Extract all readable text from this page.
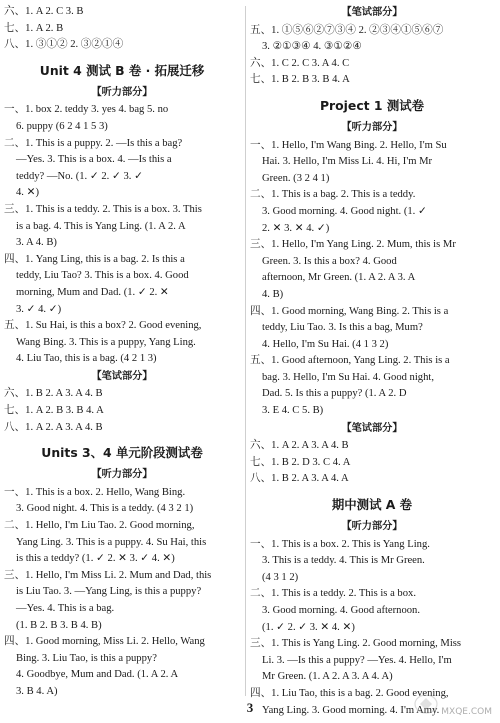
六、1. A 2. C 3. B
七、1. A 2. B
八、1. ③①② 2. ③②①④
Unit 4 测试 B 卷 · 拓展迁移
【听力部分】
一、1. box 2. teddy 3. yes 4. bag 5. no
6. puppy (6 2 4 1 5 3)
二、1. This is a puppy. 2. —Is this a bag?
—Yes. 3. This is a box. 4. —Is this a
teddy? —No. (1. ✓ 2. ✓ 3. ✓
4. ✕)
三、1. This is a teddy. 2. This is a box. 3. This
is a bag. 4. This is Yang Ling. (1. A 2. A
3. A 4. B)
四、1. Yang Ling, this is a bag. 2. Is this a
teddy, Liu Tao? 3. This is a box. 4. Good
morning, Mum and Dad. (1. ✓ 2. ✕
3. ✓ 4. ✓)
五、1. Su Hai, is this a box? 2. Good evening,
Wang Bing. 3. This is a puppy, Yang Ling.
4. Liu Tao, this is a bag. (4 2 1 3)
【笔试部分】
六、1. B 2. A 3. A 4. B
七、1. A 2. B 3. B 4. A
八、1. A 2. A 3. A 4. B
Units 3、4 单元阶段测试卷
【听力部分】
一、1. This is a box. 2. Hello, Wang Bing.
3. Good night. 4. This is a teddy. (4 3 2 1)
二、1. Hello, I'm Liu Tao. 2. Good morning,
Yang Ling. 3. This is a puppy. 4. Su Hai, this
is this a teddy? (1. ✓ 2. ✕ 3. ✓ 4. ✕)
三、1. Hello, I'm Miss Li. 2. Mum and Dad, this
is Liu Tao. 3. —Yang Ling, is this a puppy?
—Yes. 4. This is a bag.
(1. B 2. B 3. B 4. B)
四、1. Good morning, Miss Li. 2. Hello, Wang
Bing. 3. Liu Tao, is this a puppy?
4. Goodbye, Mum and Dad. (1. A 2. A
3. B 4. A)
【笔试部分】
五、1. ①⑤⑥②⑦③④ 2. ②③④①⑤⑥⑦
3. ②①③④ 4. ③①②④
六、1. C 2. C 3. A 4. C
七、1. B 2. B 3. B 4. A
Project 1 测试卷
【听力部分】
一、1. Hello, I'm Wang Bing. 2. Hello, I'm Su
Hai. 3. Hello, I'm Miss Li. 4. Hi, I'm Mr
Green. (3 2 4 1)
二、1. This is a bag. 2. This is a teddy.
3. Good morning. 4. Good night. (1. ✓
2. ✕ 3. ✕ 4. ✓)
三、1. Hello, I'm Yang Ling. 2. Mum, this is Mr
Green. 3. Is this a box? 4. Good
afternoon, Mr Green. (1. A 2. A 3. A
4. B)
四、1. Good morning, Wang Bing. 2. This is a
teddy, Liu Tao. 3. Is this a bag, Mum?
4. Hello, I'm Su Hai. (4 1 3 2)
五、1. Good afternoon, Yang Ling. 2. This is a
bag. 3. Hello, I'm Su Hai. 4. Good night,
Dad. 5. Is this a puppy? (1. A 2. D
3. E 4. C 5. B)
【笔试部分】
六、1. A 2. A 3. A 4. B
七、1. B 2. D 3. C 4. A
八、1. B 2. A 3. A 4. A
期中测试 A 卷
【听力部分】
一、1. This is a box. 2. This is Yang Ling.
3. This is a teddy. 4. This is Mr Green.
(4 3 1 2)
二、1. This is a teddy. 2. This is a box.
3. Good morning. 4. Good afternoon.
(1. ✓ 2. ✓ 3. ✕ 4. ✕)
三、1. This is Yang Ling. 2. Good morning, Miss
Li. 3. —Is this a puppy? —Yes. 4. Hello, I'm
Mr Green. (1. A 2. A 3. A 4. A)
四、1. Liu Tao, this is a bag. 2. Good evening,
Yang Ling. 3. Good morning. 4. I'm Amy.
3	MXQE.COM
